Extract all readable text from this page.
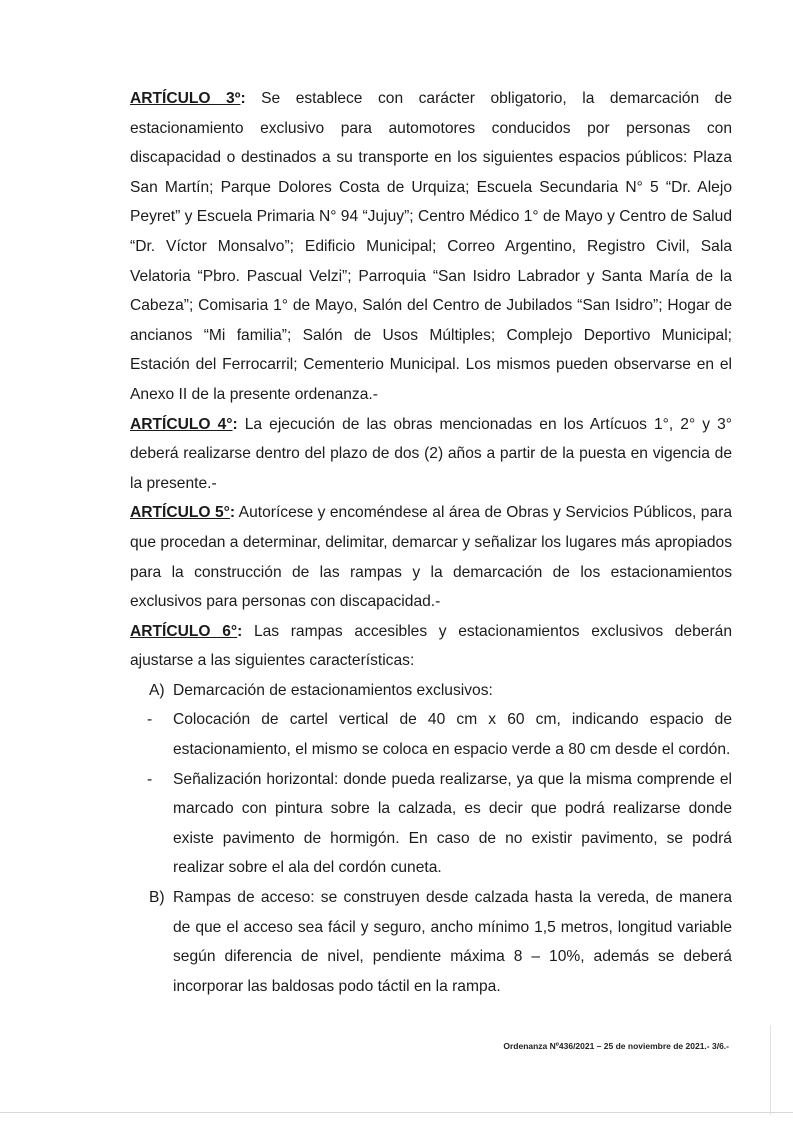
ARTÍCULO 3º: Se establece con carácter obligatorio, la demarcación de estacionamiento exclusivo para automotores conducidos por personas con discapacidad o destinados a su transporte en los siguientes espacios públicos: Plaza San Martín; Parque Dolores Costa de Urquiza; Escuela Secundaria N° 5 “Dr. Alejo Peyret” y Escuela Primaria N° 94 “Jujuy”; Centro Médico 1° de Mayo y Centro de Salud “Dr. Víctor Monsalvo”; Edificio Municipal; Correo Argentino, Registro Civil, Sala Velatoria “Pbro. Pascual Velzi”; Parroquia “San Isidro Labrador y Santa María de la Cabeza”; Comisaria 1° de Mayo, Salón del Centro de Jubilados “San Isidro”; Hogar de ancianos “Mi familia”; Salón de Usos Múltiples; Complejo Deportivo Municipal; Estación del Ferrocarril; Cementerio Municipal. Los mismos pueden observarse en el Anexo II de la presente ordenanza.-

ARTÍCULO 4°: La ejecución de las obras mencionadas en los Artícuos 1°, 2° y 3° deberá realizarse dentro del plazo de dos (2) años a partir de la puesta en vigencia de la presente.-

ARTÍCULO 5°: Autorícese y encoméndese al área de Obras y Servicios Públicos, para que procedan a determinar, delimitar, demarcar y señalizar los lugares más apropiados para la construcción de las rampas y la demarcación de los estacionamientos exclusivos para personas con discapacidad.-

ARTÍCULO 6°: Las rampas accesibles y estacionamientos exclusivos deberán ajustarse a las siguientes características:

A) Demarcación de estacionamientos exclusivos:

- Colocación de cartel vertical de 40 cm x 60 cm, indicando espacio de estacionamiento, el mismo se coloca en espacio verde a 80 cm desde el cordón.

- Señalización horizontal: donde pueda realizarse, ya que la misma comprende el marcado con pintura sobre la calzada, es decir que podrá realizarse donde existe pavimento de hormigón. En caso de no existir pavimento, se podrá realizar sobre el ala del cordón cuneta.

B) Rampas de acceso: se construyen desde calzada hasta la vereda, de manera de que el acceso sea fácil y seguro, ancho mínimo 1,5 metros, longitud variable según diferencia de nivel, pendiente máxima 8 – 10%, además se deberá incorporar las baldosas podo táctil en la rampa.

Ordenanza Nº436/2021 – 25 de noviembre de 2021.- 3/6.-
